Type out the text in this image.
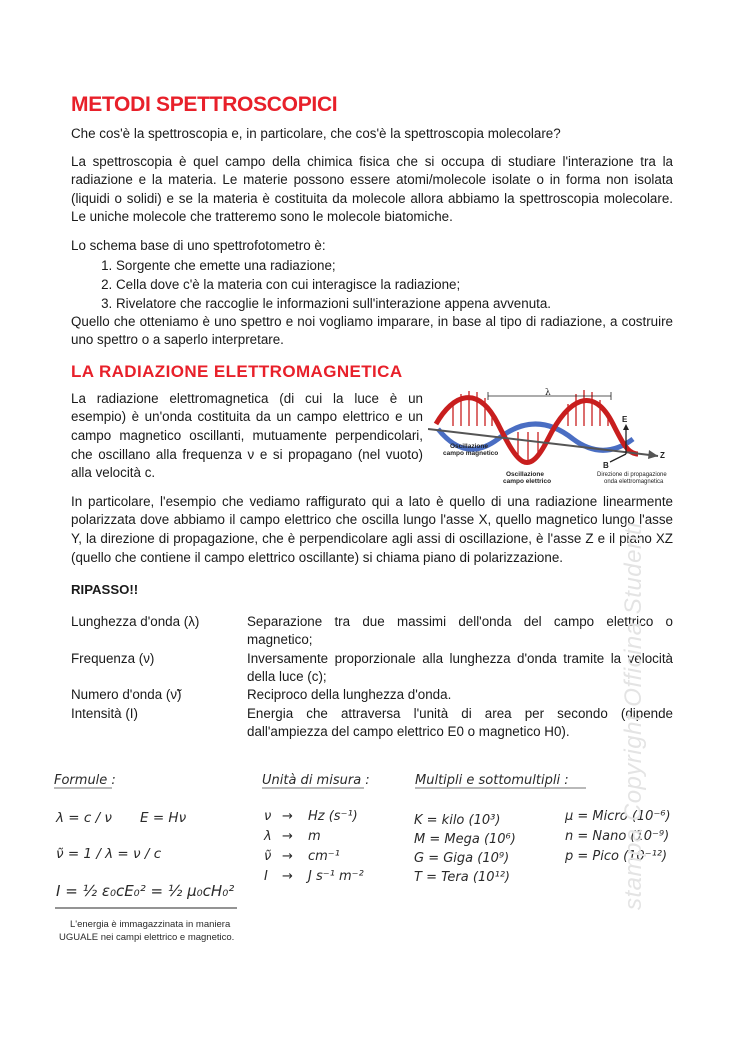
METODI SPETTROSCOPICI

Che cos'è la spettroscopia e, in particolare, che cos'è la spettroscopia molecolare?

La spettroscopia è quel campo della chimica fisica che si occupa di studiare l'interazione tra la radiazione e la materia. Le materie possono essere atomi/molecole isolate o in forma non isolata (liquidi o solidi) e se la materia è costituita da molecole allora abbiamo la spettroscopia molecolare. Le uniche molecole che tratteremo sono le molecole biatomiche.

Lo schema base di uno spettrofotometro è:

1. Sorgente che emette una radiazione;
2. Cella dove c'è la materia con cui interagisce la radiazione;
3. Rivelatore che raccoglie le informazioni sull'interazione appena avvenuta.

Quello che otteniamo è uno spettro e noi vogliamo imparare, in base al tipo di radiazione, a costruire uno spettro o a saperlo interpretare.

LA RADIAZIONE ELETTROMAGNETICA

La radiazione elettromagnetica (di cui la luce è un esempio) è un'onda costituita da un campo elettrico e un campo magnetico oscillanti, mutuamente perpendicolari, che oscillano alla frequenza ν e si propagano (nel vuoto) alla velocità c.

E
B
Z
λ
Oscillazione
campo magnetico
Oscillazione
campo elettrico
Direzione di propagazione
onda elettromagnetica

In particolare, l'esempio che vediamo raffigurato qui a lato è quello di una radiazione linearmente polarizzata dove abbiamo il campo elettrico che oscilla lungo l'asse X, quello magnetico lungo l'asse Y, la direzione di propagazione, che è perpendicolare agli assi di oscillazione, è l'asse Z e il piano XZ (quello che contiene il campo elettrico oscillante) si chiama piano di polarizzazione.

RIPASSO!!

Lunghezza d'onda (λ)	Separazione tra due massimi dell'onda del campo elettrico o magnetico;
Frequenza (ν)	Inversamente proporzionale alla lunghezza d'onda tramite la velocità della luce (c);
Numero d'onda (ν̃)	Reciproco della lunghezza d'onda.
Intensità (I)	Energia che attraversa l'unità di area per secondo (dipende dall'ampiezza del campo elettrico E0 o magnetico H0).
Formule :	Unità di misura :	Multipli e sottomultipli :
λ = c / ν E = Hν
ν̃ = 1 / λ = ν / c
I = ½ ε₀cE₀² = ½ μ₀cH₀²
L'energia è immagazzinata in maniera
UGUALE nei campi elettrico e magnetico.
ν → Hz (s⁻¹)
λ → m
ν̃ → cm⁻¹
I → J s⁻¹ m⁻²
K = kilo (10³)
M = Mega (10⁶)
G = Giga (10⁹)
T = Tera (10¹²)
μ = Micro (10⁻⁶)
n = Nano (10⁻⁹)
p = Pico (10⁻¹²)
stampa Copyright Officina Studenti
